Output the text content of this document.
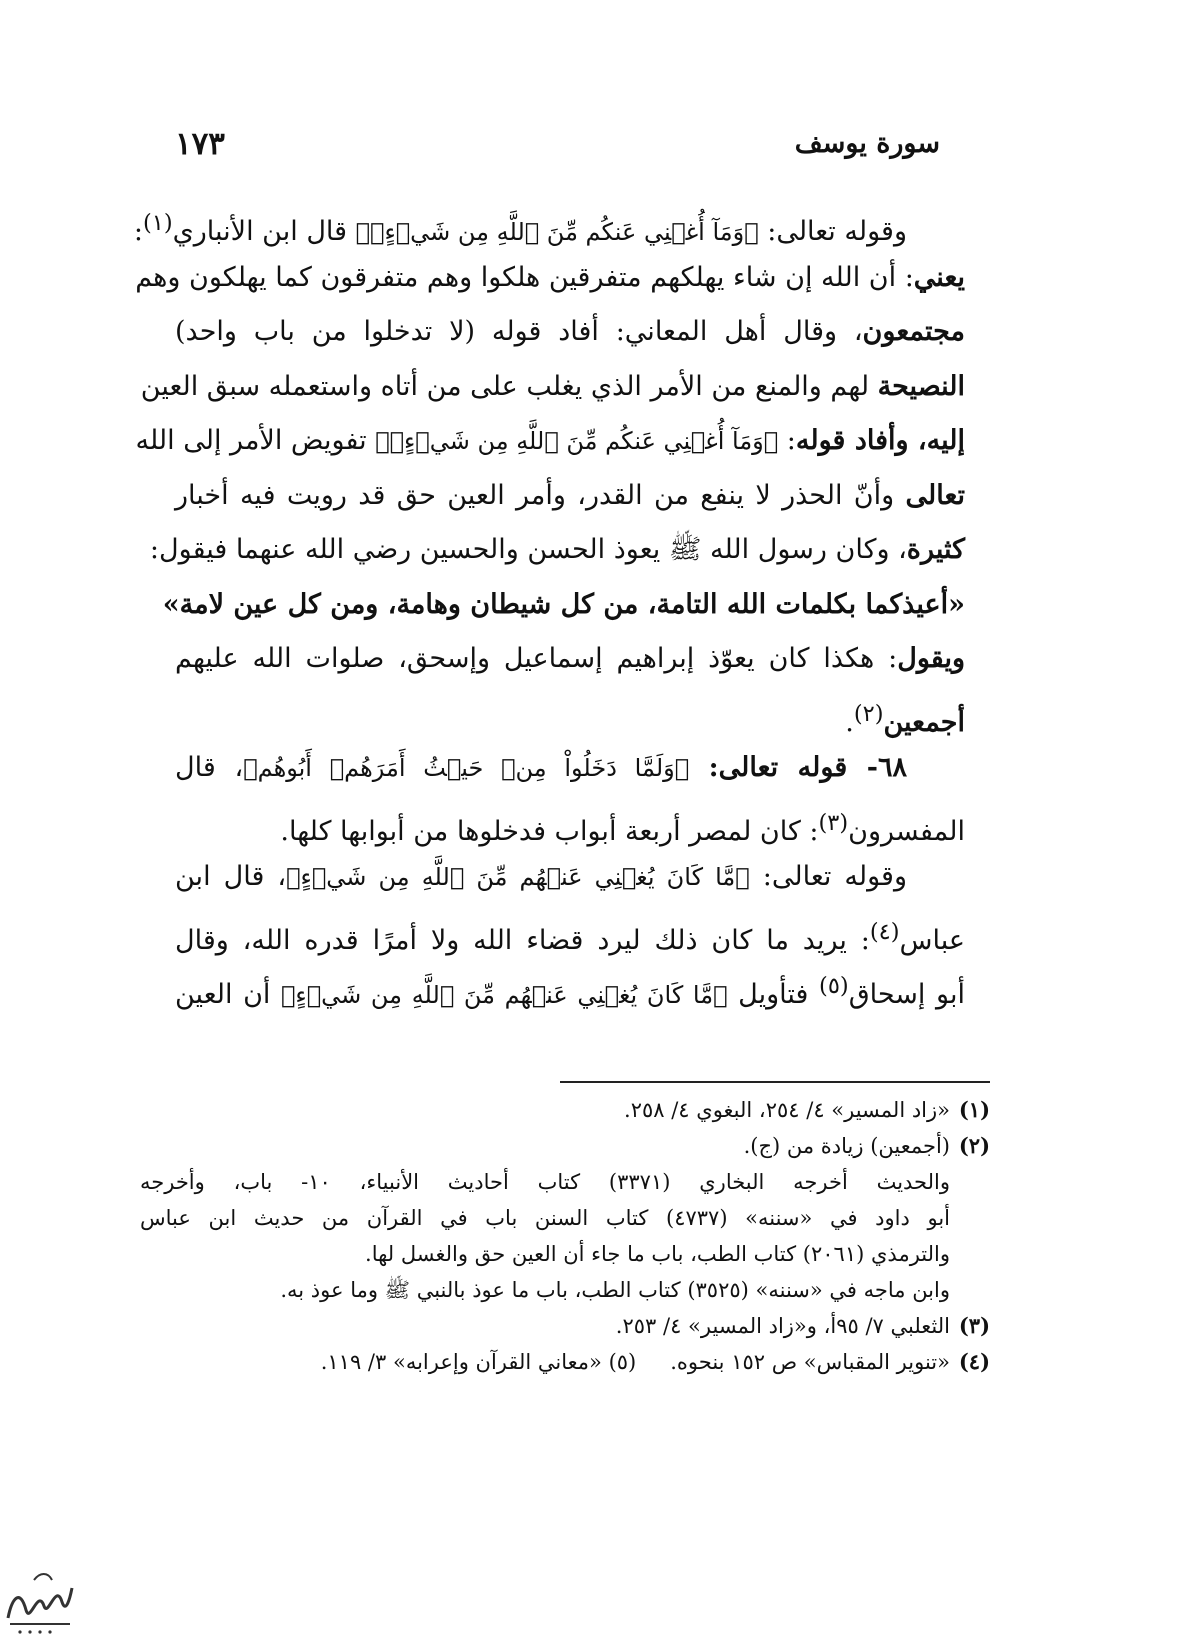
سورة يوسف
١٧٣
وقوله تعالى: ﴿وَمَآ أُغۡنِي عَنكُم مِّنَ ٱللَّهِ مِن شَيۡءٍۖ﴾ قال ابن الأنباري$^{(١)}$:
يعني: أن الله إن شاء يهلكهم متفرقين هلكوا وهم متفرقون كما يهلكون وهم
مجتمعون، وقال أهل المعاني: أفاد قوله (لا تدخلوا من باب واحد)
النصيحة لهم والمنع من الأمر الذي يغلب على من أتاه واستعمله سبق العين
إليه، وأفاد قوله: ﴿وَمَآ أُغۡنِي عَنكُم مِّنَ ٱللَّهِ مِن شَيۡءٍۖ﴾ تفويض الأمر إلى الله
تعالى وأنّ الحذر لا ينفع من القدر، وأمر العين حق قد رويت فيه أخبار
كثيرة، وكان رسول الله ﷺ يعوذ الحسن والحسين رضي الله عنهما فيقول:
«أعيذكما بكلمات الله التامة، من كل شيطان وهامة، ومن كل عين لامة»
ويقول: هكذا كان يعوّذ إبراهيم إسماعيل وإسحق، صلوات الله عليهم
أجمعين$^{(٢)}$.
٦٨- قوله تعالى: ﴿وَلَمَّا دَخَلُواْ مِنۡ حَيۡثُ أَمَرَهُمۡ أَبُوهُم﴾، قال
المفسرون$^{(٣)}$: كان لمصر أربعة أبواب فدخلوها من أبوابها كلها.
وقوله تعالى: ﴿مَّا كَانَ يُغۡنِي عَنۡهُم مِّنَ ٱللَّهِ مِن شَيۡءٍ﴾، قال ابن
عباس$^{(٤)}$: يريد ما كان ذلك ليرد قضاء الله ولا أمرًا قدره الله، وقال
أبو إسحاق$^{(٥)}$ فتأويل ﴿مَّا كَانَ يُغۡنِي عَنۡهُم مِّنَ ٱللَّهِ مِن شَيۡءٍ﴾ أن العين
(١)«زاد المسير» ٤/ ٢٥٤، البغوي ٤/ ٢٥٨.
(٢)(أجمعين) زيادة من (ج).
والحديث أخرجه البخاري (٣٣٧١) كتاب أحاديث الأنبياء، ١٠- باب، وأخرجه
أبو داود في «سننه» (٤٧٣٧) كتاب السنن باب في القرآن من حديث ابن عباس
والترمذي (٢٠٦١) كتاب الطب، باب ما جاء أن العين حق والغسل لها.
وابن ماجه في «سننه» (٣٥٢٥) كتاب الطب، باب ما عوذ بالنبي ﷺ وما عوذ به.
(٣)الثعلبي ٧/ ٩٥أ، و«زاد المسير» ٤/ ٢٥٣.
(٤)«تنوير المقباس» ص ١٥٢ بنحوه.(٥) «معاني القرآن وإعرابه» ٣/ ١١٩.
